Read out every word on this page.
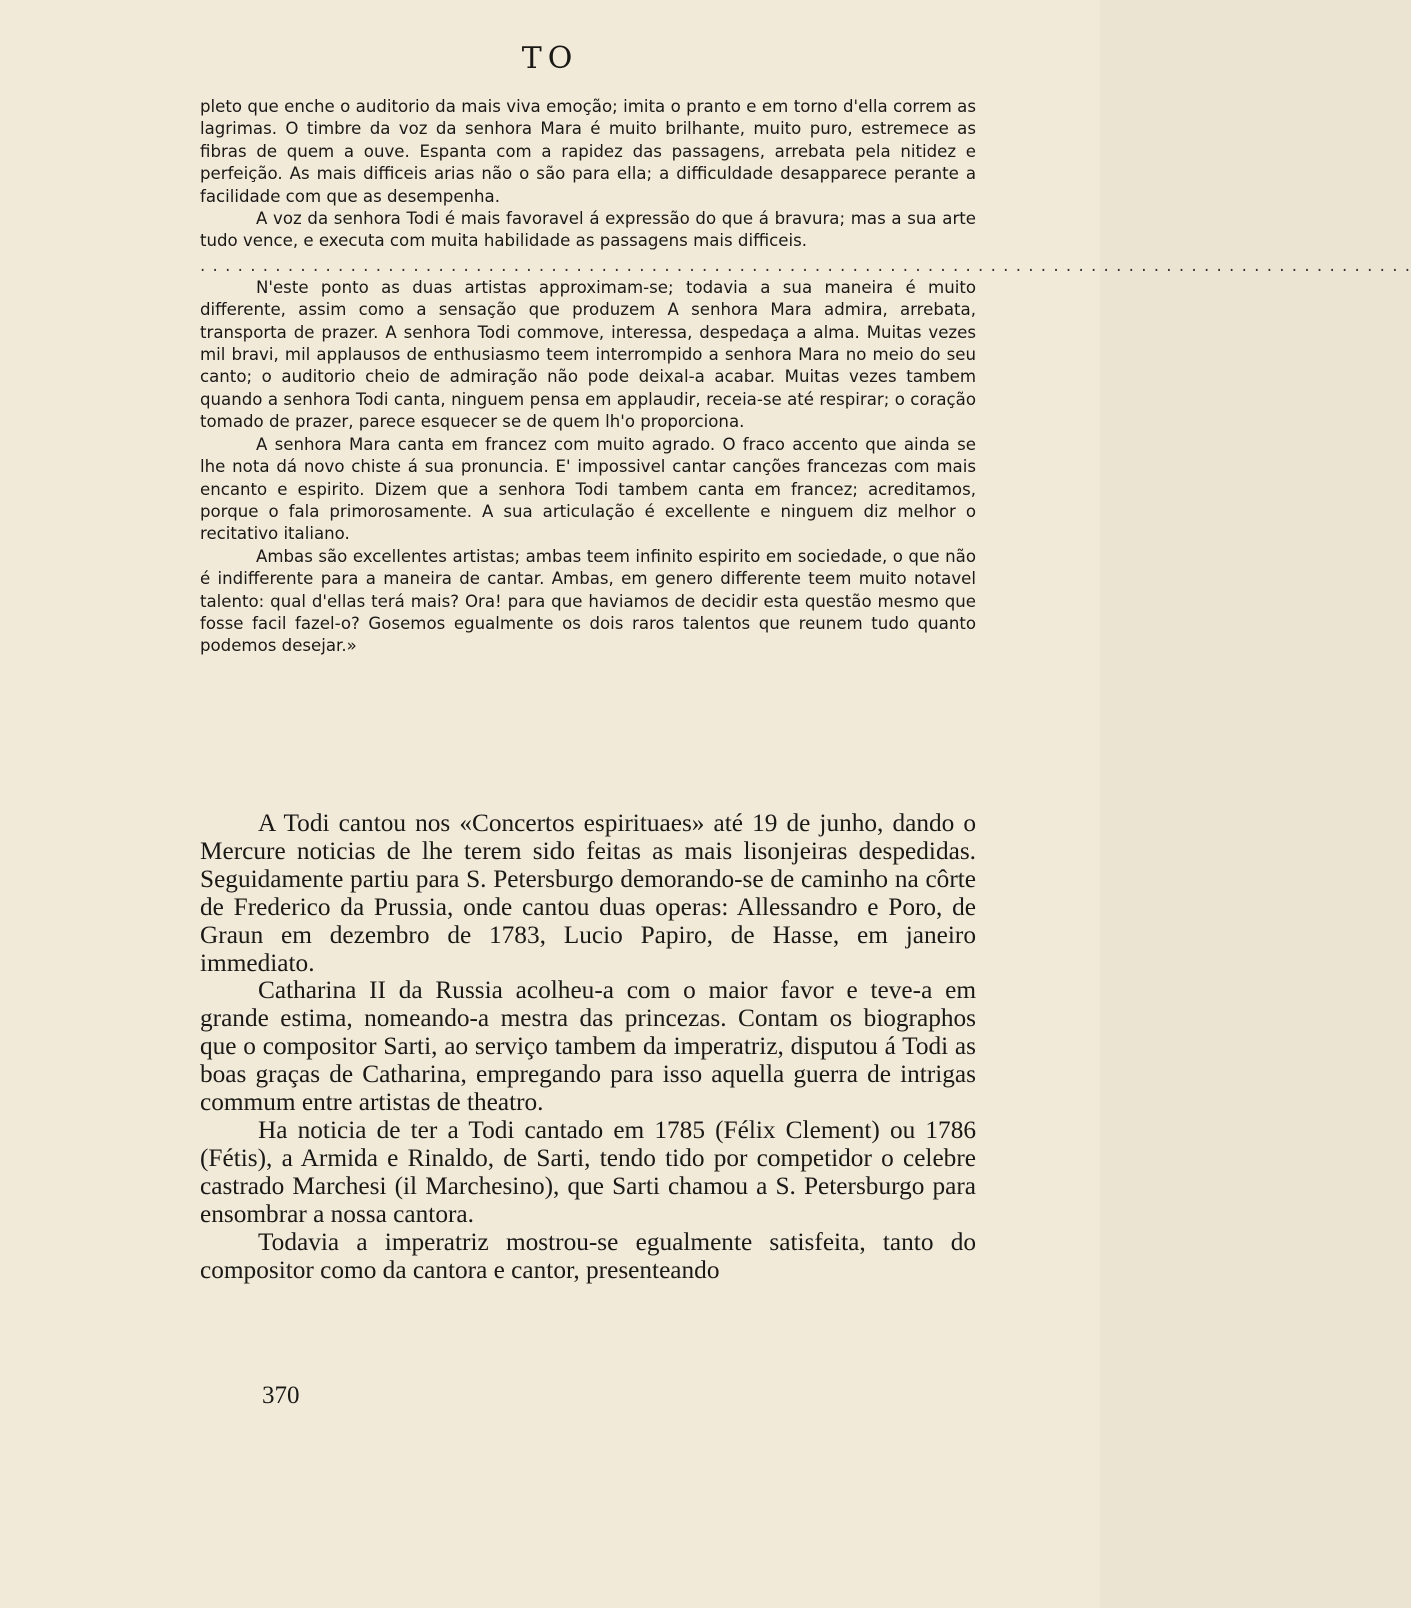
TO

pleto que enche o auditorio da mais viva emoção; imita o pranto e em torno d'ella correm as lagrimas. O timbre da voz da senhora Mara é muito brilhante, muito puro, estremece as fibras de quem a ouve. Espanta com a rapidez das passagens, arrebata pela nitidez e perfeição. As mais difficeis arias não o são para ella; a difficuldade desapparece perante a facilidade com que as desempenha.

A voz da senhora Todi é mais favoravel á expressão do que á bravura; mas a sua arte tudo vence, e executa com muita habilidade as passagens mais difficeis.

. . . . . . . . . . . . . . . . . . . . . . . . . . . . . . . . . . . . . . . . . . . . . . . . . . . . . . . . . . . . . . . . . . . . . . . . . . . . . . . . . . . . . . . . . . . . . . . . .

N'este ponto as duas artistas approximam-se; todavia a sua maneira é muito differente, assim como a sensação que produzem A senhora Mara admira, arrebata, transporta de prazer. A senhora Todi commove, interessa, despedaça a alma. Muitas vezes mil bravi, mil applausos de enthusiasmo teem interrompido a senhora Mara no meio do seu canto; o auditorio cheio de admiração não pode deixal-a acabar. Muitas vezes tambem quando a senhora Todi canta, ninguem pensa em applaudir, receia-se até respirar; o coração tomado de prazer, parece esquecer se de quem lh'o proporciona.

A senhora Mara canta em francez com muito agrado. O fraco accento que ainda se lhe nota dá novo chiste á sua pronuncia. E' impossivel cantar canções francezas com mais encanto e espirito. Dizem que a senhora Todi tambem canta em francez; acreditamos, porque o fala primorosamente. A sua articulação é excellente e ninguem diz melhor o recitativo italiano.

Ambas são excellentes artistas; ambas teem infinito espirito em sociedade, o que não é indifferente para a maneira de cantar. Ambas, em genero differente teem muito notavel talento: qual d'ellas terá mais? Ora! para que haviamos de decidir esta questão mesmo que fosse facil fazel-o? Gosemos egualmente os dois raros talentos que reunem tudo quanto podemos desejar.»

A Todi cantou nos «Concertos espirituaes» até 19 de junho, dando o Mercure noticias de lhe terem sido feitas as mais lisonjeiras despedidas. Seguidamente partiu para S. Petersburgo demorando-se de caminho na côrte de Frederico da Prussia, onde cantou duas operas: Allessandro e Poro, de Graun em dezembro de 1783, Lucio Papiro, de Hasse, em janeiro immediato.

Catharina II da Russia acolheu-a com o maior favor e teve-a em grande estima, nomeando-a mestra das princezas. Contam os biographos que o compositor Sarti, ao serviço tambem da imperatriz, disputou á Todi as boas graças de Catharina, empregando para isso aquella guerra de intrigas commum entre artistas de theatro.

Ha noticia de ter a Todi cantado em 1785 (Félix Clement) ou 1786 (Fétis), a Armida e Rinaldo, de Sarti, tendo tido por competidor o celebre castrado Marchesi (il Marchesino), que Sarti chamou a S. Petersburgo para ensombrar a nossa cantora.

Todavia a imperatriz mostrou-se egualmente satisfeita, tanto do compositor como da cantora e cantor, presenteando

370
